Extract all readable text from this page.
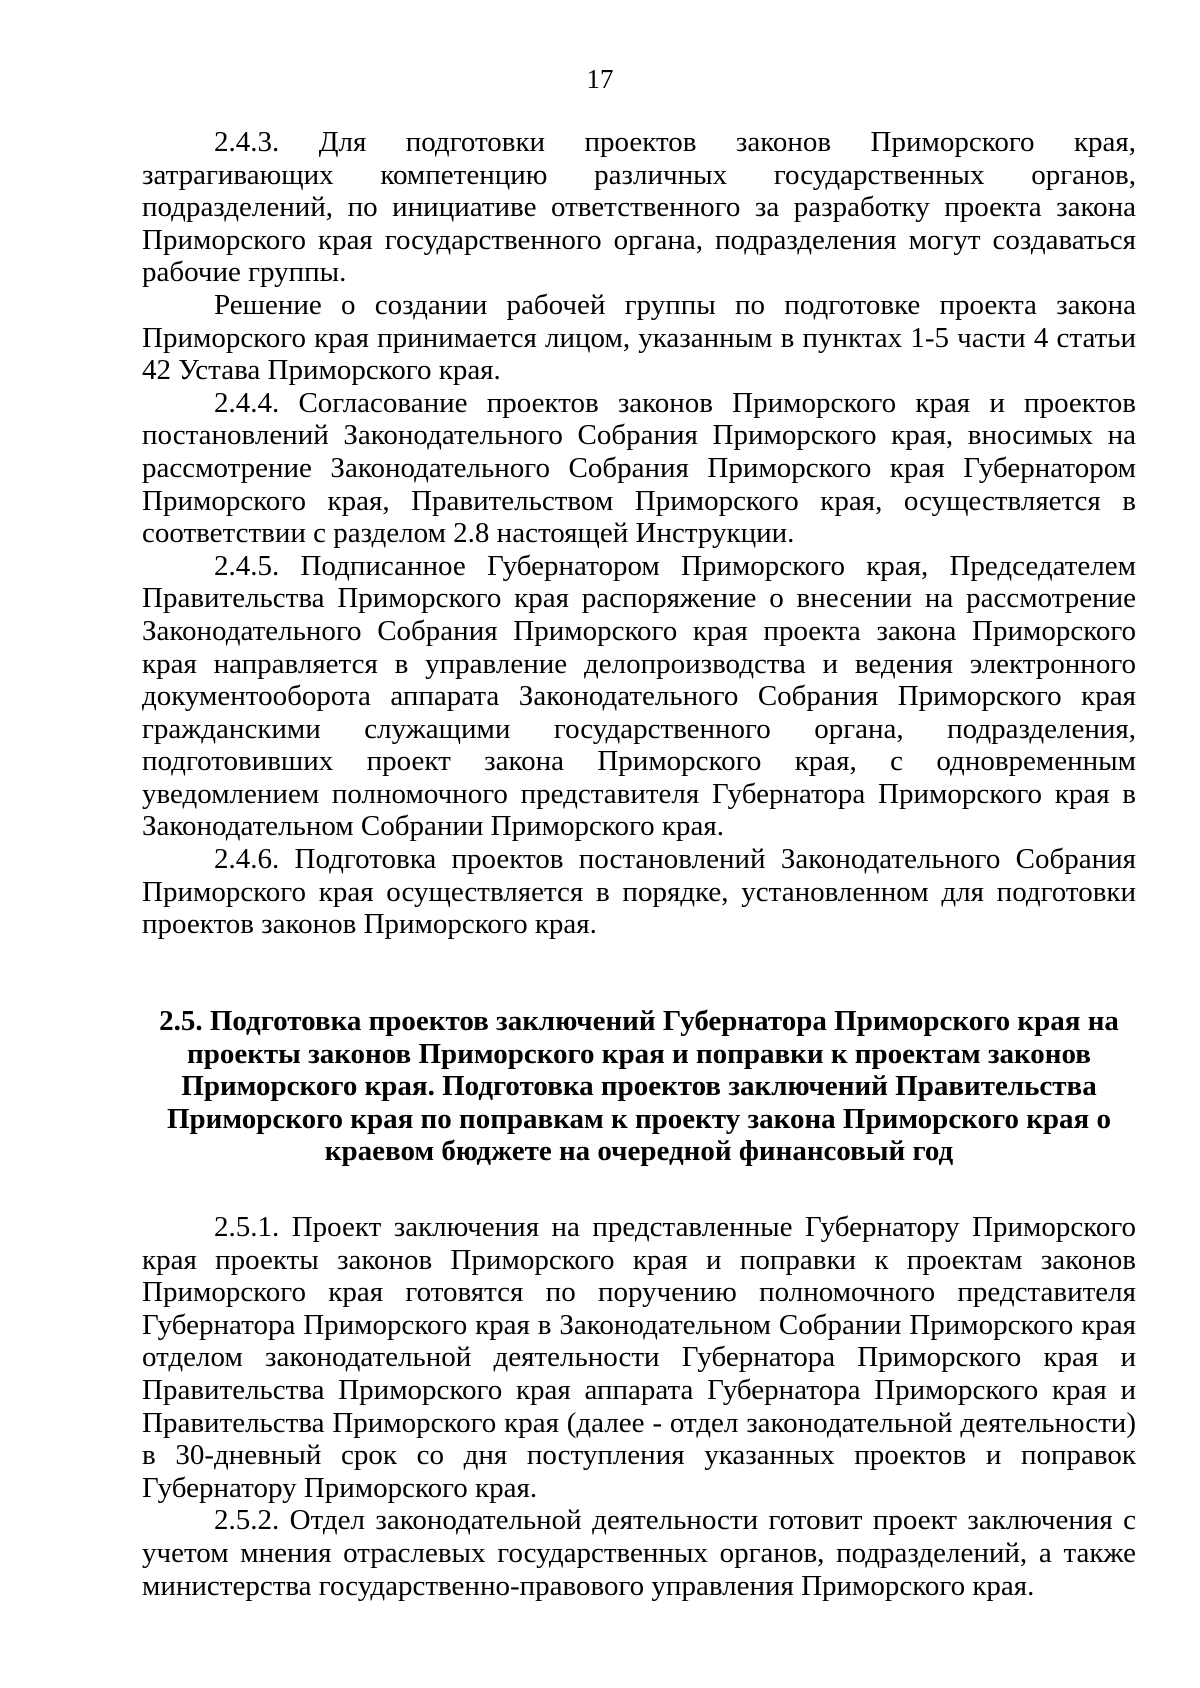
17

2.4.3. Для подготовки проектов законов Приморского края, затрагивающих компетенцию различных государственных органов, подразделений, по инициативе ответственного за разработку проекта закона Приморского края государственного органа, подразделения могут создаваться рабочие группы.

Решение о создании рабочей группы по подготовке проекта закона Приморского края принимается лицом, указанным в пунктах 1-5 части 4 статьи 42 Устава Приморского края.

2.4.4. Согласование проектов законов Приморского края и проектов постановлений Законодательного Собрания Приморского края, вносимых на рассмотрение Законодательного Собрания Приморского края Губернатором Приморского края, Правительством Приморского края, осуществляется в соответствии с разделом 2.8 настоящей Инструкции.

2.4.5. Подписанное Губернатором Приморского края, Председателем Правительства Приморского края распоряжение о внесении на рассмотрение Законодательного Собрания Приморского края проекта закона Приморского края направляется в управление делопроизводства и ведения электронного документооборота аппарата Законодательного Собрания Приморского края гражданскими служащими государственного органа, подразделения, подготовивших проект закона Приморского края, с одновременным уведомлением полномочного представителя Губернатора Приморского края в Законодательном Собрании Приморского края.

2.4.6. Подготовка проектов постановлений Законодательного Собрания Приморского края осуществляется в порядке, установленном для подготовки проектов законов Приморского края.

2.5. Подготовка проектов заключений Губернатора Приморского края на проекты законов Приморского края и поправки к проектам законов Приморского края. Подготовка проектов заключений Правительства Приморского края по поправкам к проекту закона Приморского края о краевом бюджете на очередной финансовый год

2.5.1. Проект заключения на представленные Губернатору Приморского края проекты законов Приморского края и поправки к проектам законов Приморского края готовятся по поручению полномочного представителя Губернатора Приморского края в Законодательном Собрании Приморского края отделом законодательной деятельности Губернатора Приморского края и Правительства Приморского края аппарата Губернатора Приморского края и Правительства Приморского края (далее - отдел законодательной деятельности) в 30-дневный срок со дня поступления указанных проектов и поправок Губернатору Приморского края.

2.5.2. Отдел законодательной деятельности готовит проект заключения с учетом мнения отраслевых государственных органов, подразделений, а также министерства государственно-правового управления Приморского края.
